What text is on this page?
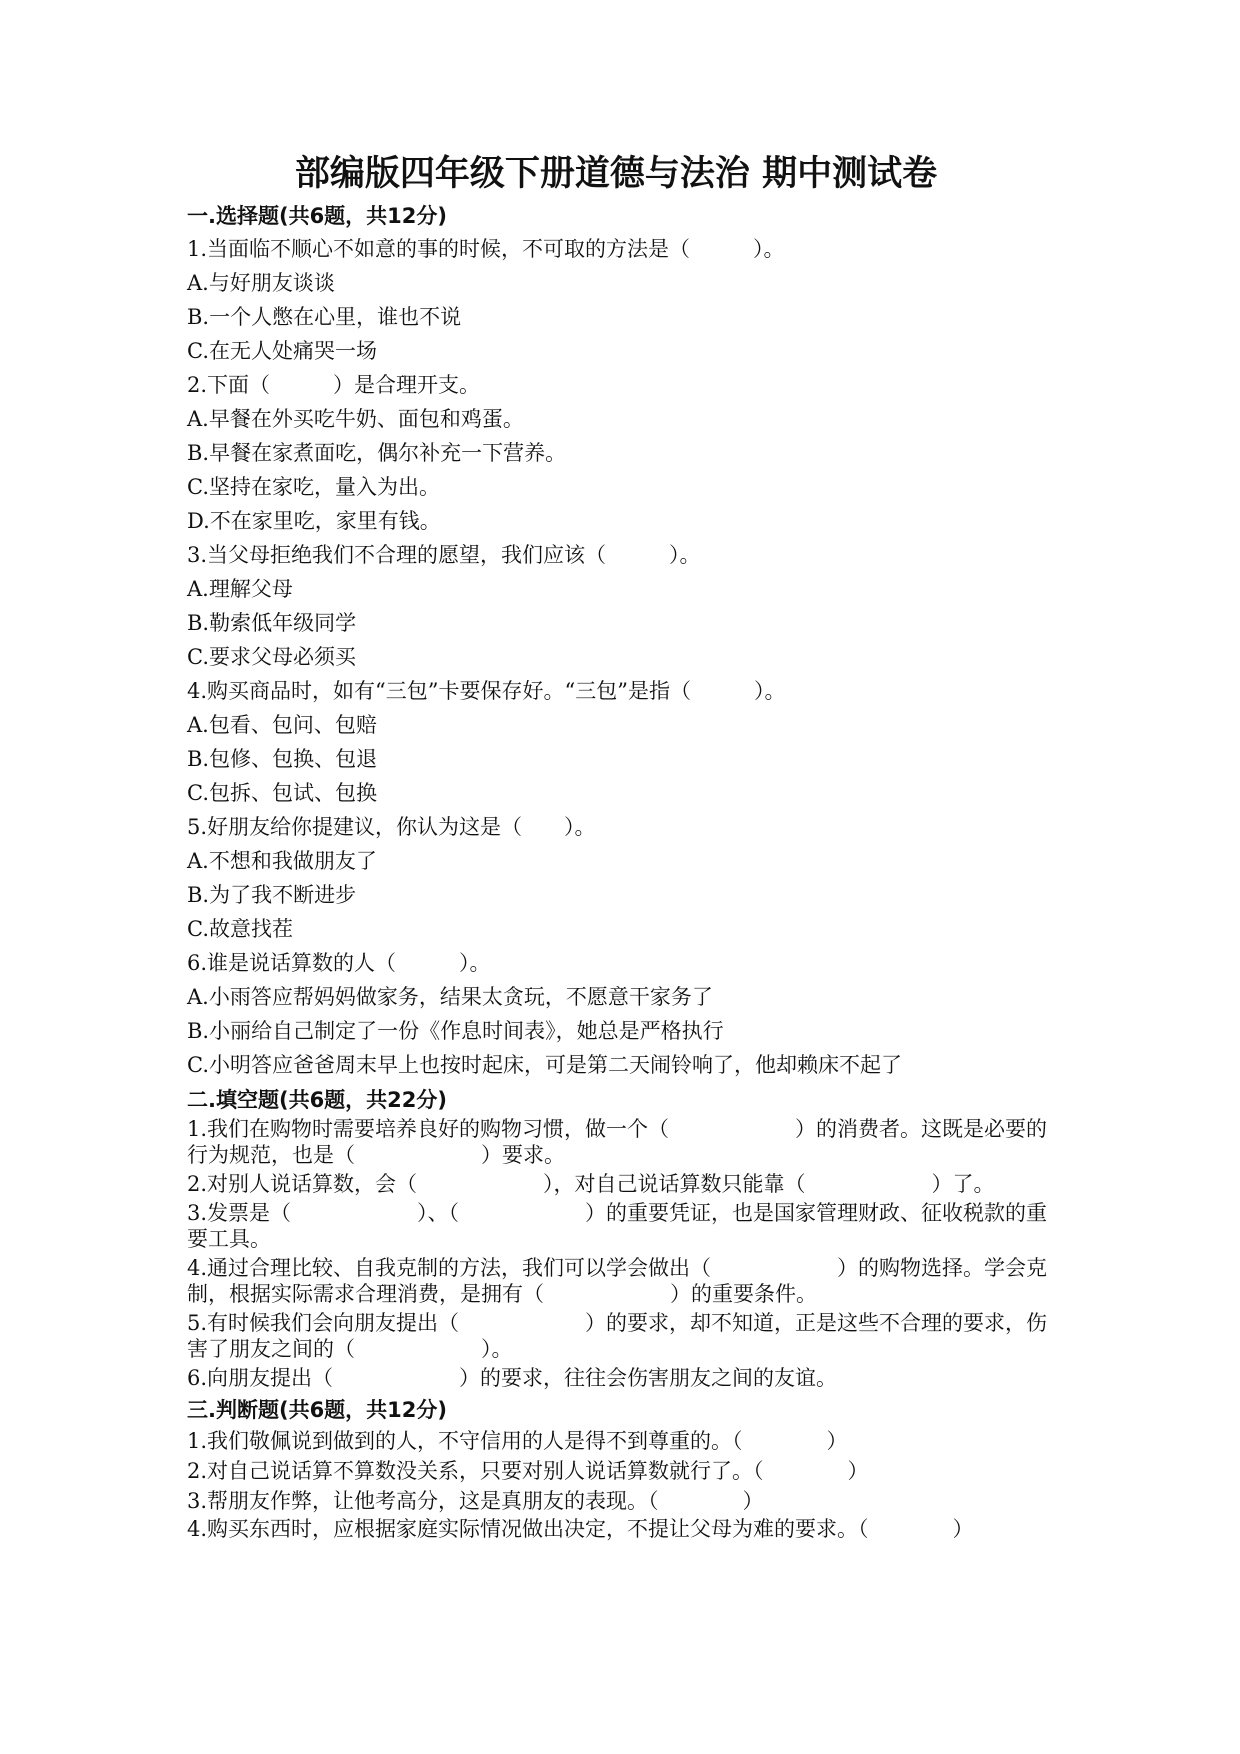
部编版四年级下册道德与法治 期中测试卷
一.选择题(共6题，共12分)
1.当面临不顺心不如意的事的时候，不可取的方法是（　　　）。
A.与好朋友谈谈
B.一个人憋在心里，谁也不说
C.在无人处痛哭一场
2.下面（　　　）是合理开支。
A.早餐在外买吃牛奶、面包和鸡蛋。
B.早餐在家煮面吃，偶尔补充一下营养。
C.坚持在家吃，量入为出。
D.不在家里吃，家里有钱。
3.当父母拒绝我们不合理的愿望，我们应该（　　　）。
A.理解父母
B.勒索低年级同学
C.要求父母必须买
4.购买商品时，如有“三包”卡要保存好。“三包”是指（　　　）。
A.包看、包问、包赔
B.包修、包换、包退
C.包拆、包试、包换
5.好朋友给你提建议，你认为这是（　　）。
A.不想和我做朋友了
B.为了我不断进步
C.故意找茬
6.谁是说话算数的人（　　　）。
A.小雨答应帮妈妈做家务，结果太贪玩，不愿意干家务了
B.小丽给自己制定了一份《作息时间表》，她总是严格执行
C.小明答应爸爸周末早上也按时起床，可是第二天闹铃响了，他却赖床不起了
二.填空题(共6题，共22分)
1.我们在购物时需要培养良好的购物习惯，做一个（　　　　　　）的消费者。这既是必要的行为规范，也是（　　　　　　）要求。
2.对别人说话算数，会（　　　　　　），对自己说话算数只能靠（　　　　　　）了。
3.发票是（　　　　　　）、（　　　　　　）的重要凭证，也是国家管理财政、征收税款的重要工具。
4.通过合理比较、自我克制的方法，我们可以学会做出（　　　　　　）的购物选择。学会克制，根据实际需求合理消费，是拥有（　　　　　　）的重要条件。
5.有时候我们会向朋友提出（　　　　　　）的要求，却不知道，正是这些不合理的要求，伤害了朋友之间的（　　　　　　）。
6.向朋友提出（　　　　　　）的要求，往往会伤害朋友之间的友谊。
三.判断题(共6题，共12分)
1.我们敬佩说到做到的人，不守信用的人是得不到尊重的。（　　　　）
2.对自己说话算不算数没关系，只要对别人说话算数就行了。（　　　　）
3.帮朋友作弊，让他考高分，这是真朋友的表现。（　　　　）
4.购买东西时，应根据家庭实际情况做出决定，不提让父母为难的要求。（　　　　）
